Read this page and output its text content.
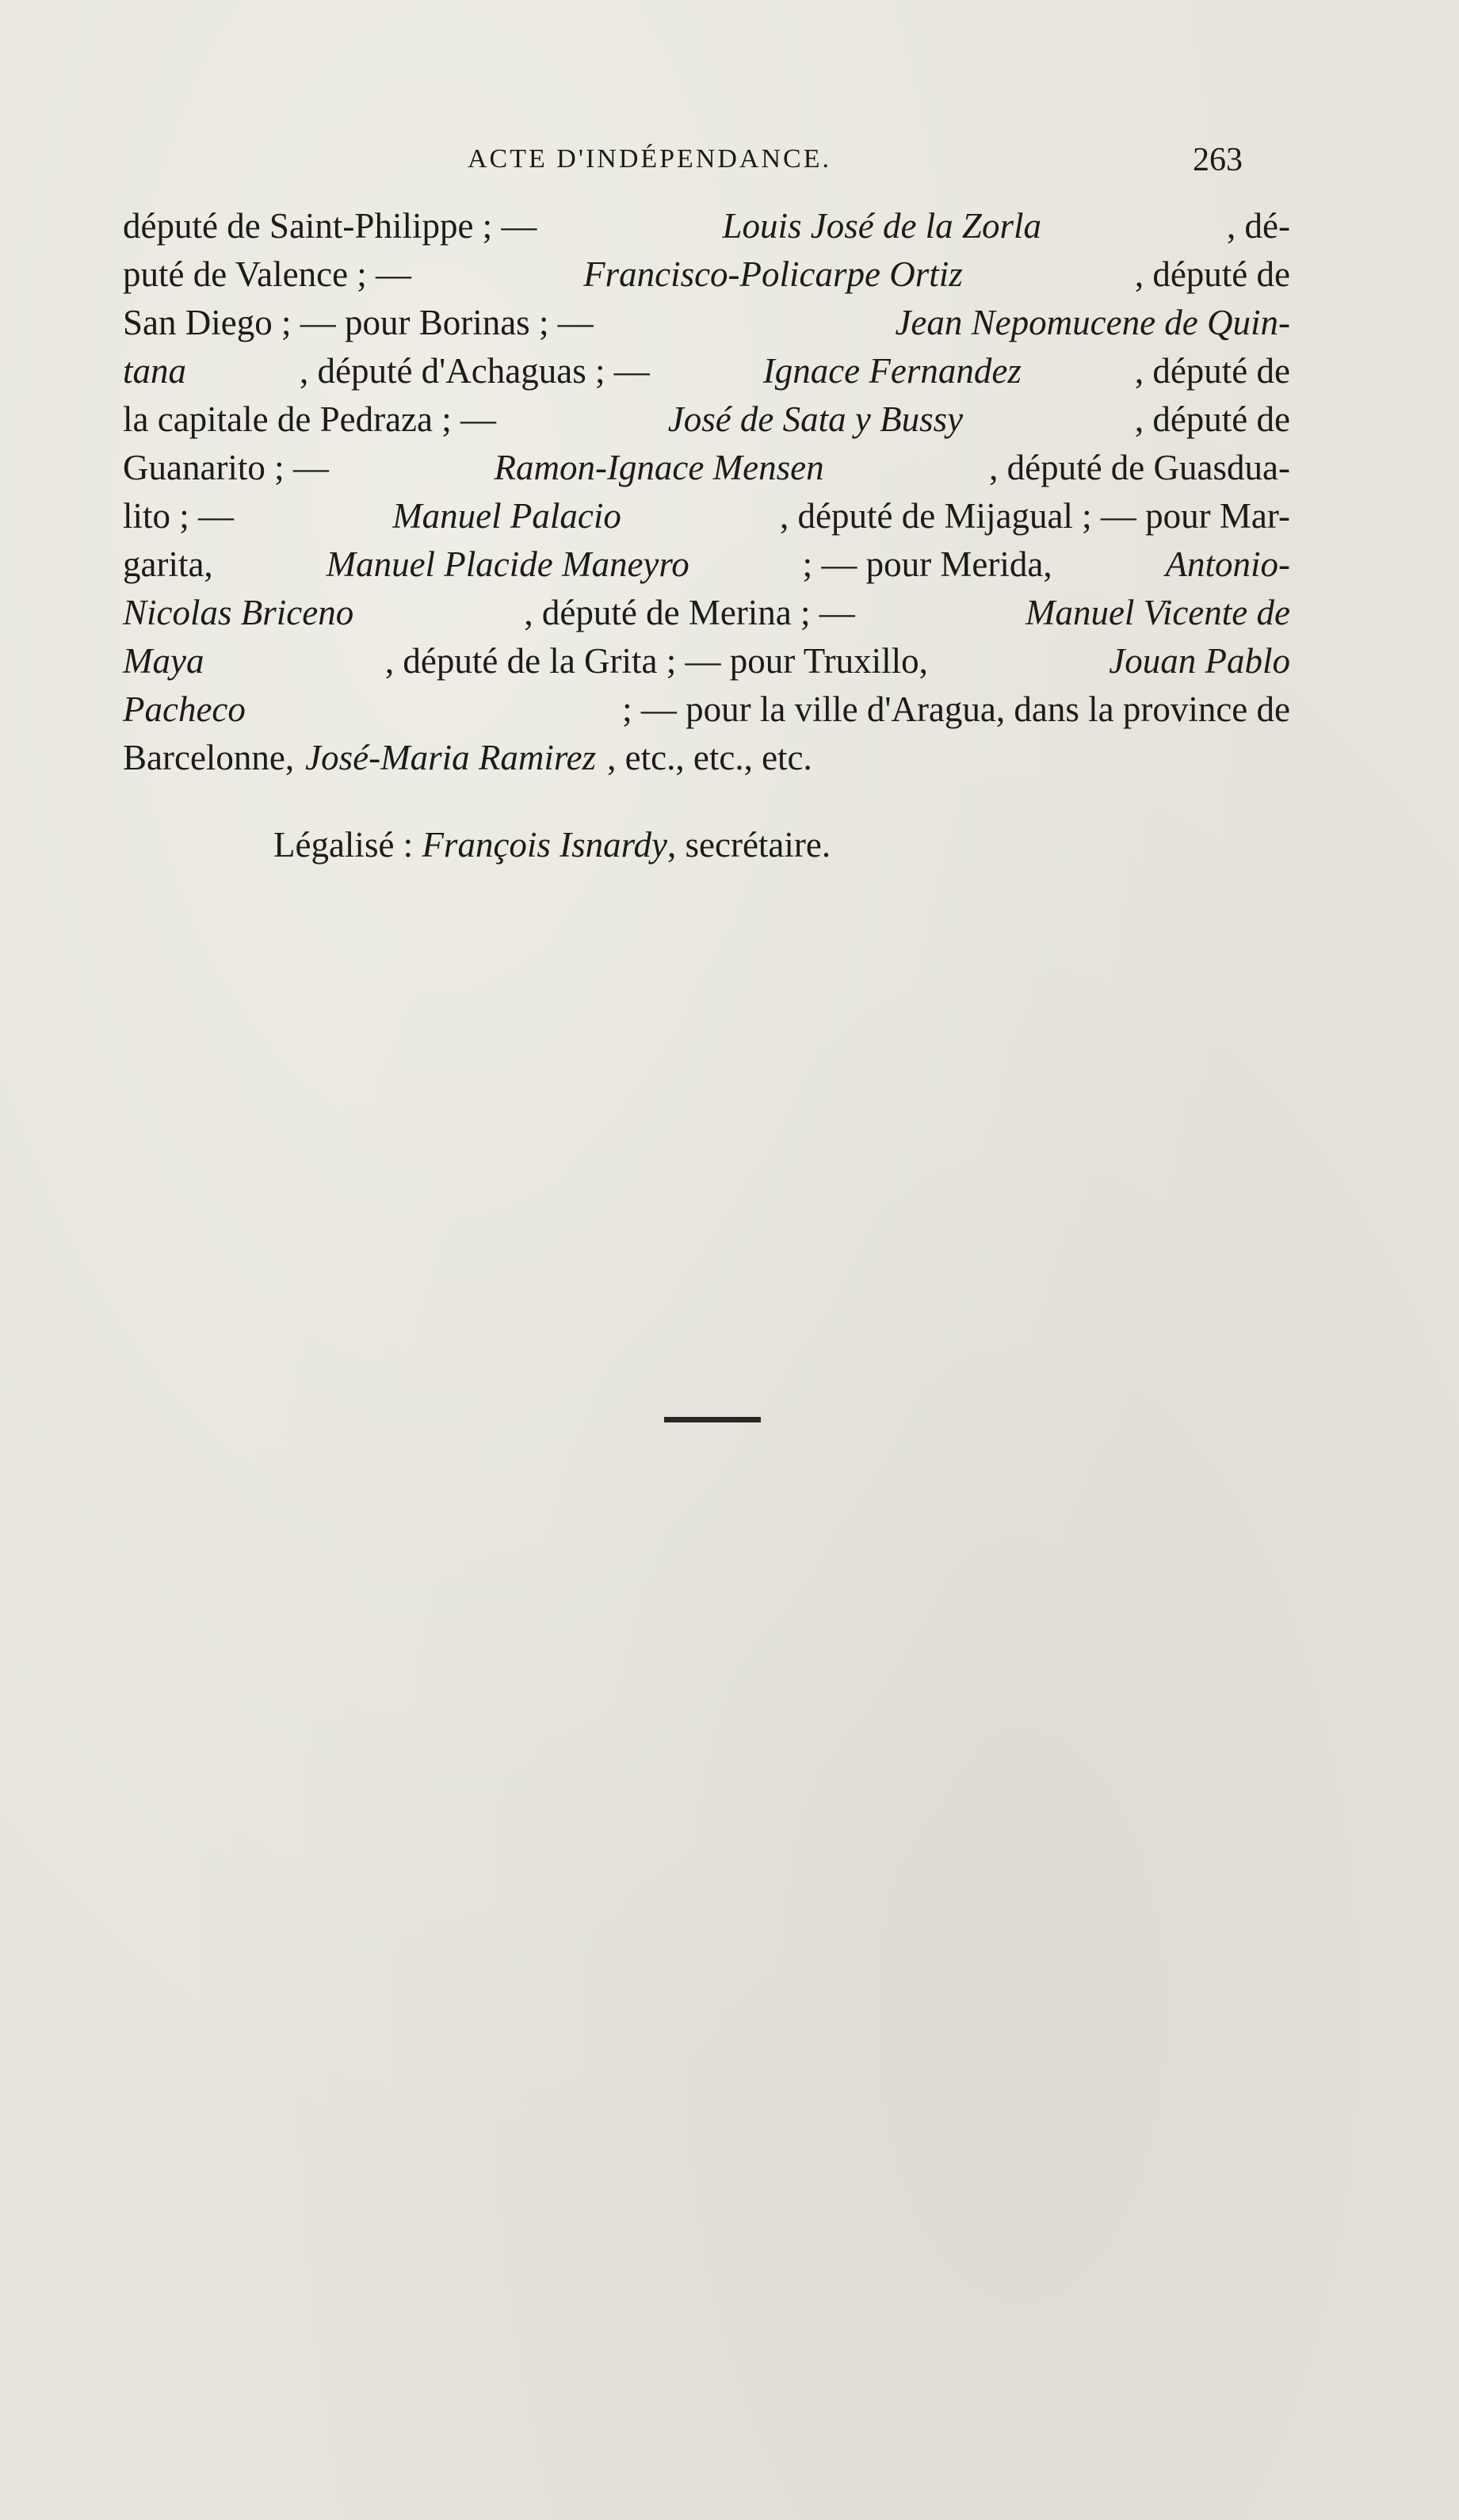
ACTE D'INDÉPENDANCE.	263
député de Saint-Philippe ; —	Louis José de la Zorla	, dé-
puté de Valence ; —	Francisco-Policarpe Ortiz	, député de
San Diego ; — pour Borinas ; —	Jean Nepomucene de Quin-
tana	, député d'Achaguas ; —	Ignace Fernandez	, député de
la capitale de Pedraza ; —	José de Sata y Bussy	, député de
Guanarito ; —	Ramon-Ignace Mensen	, député de Guasdua-
lito ; —	Manuel Palacio	, député de Mijagual ; — pour Mar-
garita,	Manuel Placide Maneyro	; — pour Merida,	Antonio-
Nicolas Briceno	, député de Merina ; —	Manuel Vicente de
Maya	, député de la Grita ; — pour Truxillo,	Jouan Pablo
Pacheco	; — pour la ville d'Aragua, dans la province de
Barcelonne, José-Maria Ramirez , etc., etc., etc.
Légalisé : François Isnardy, secrétaire.
